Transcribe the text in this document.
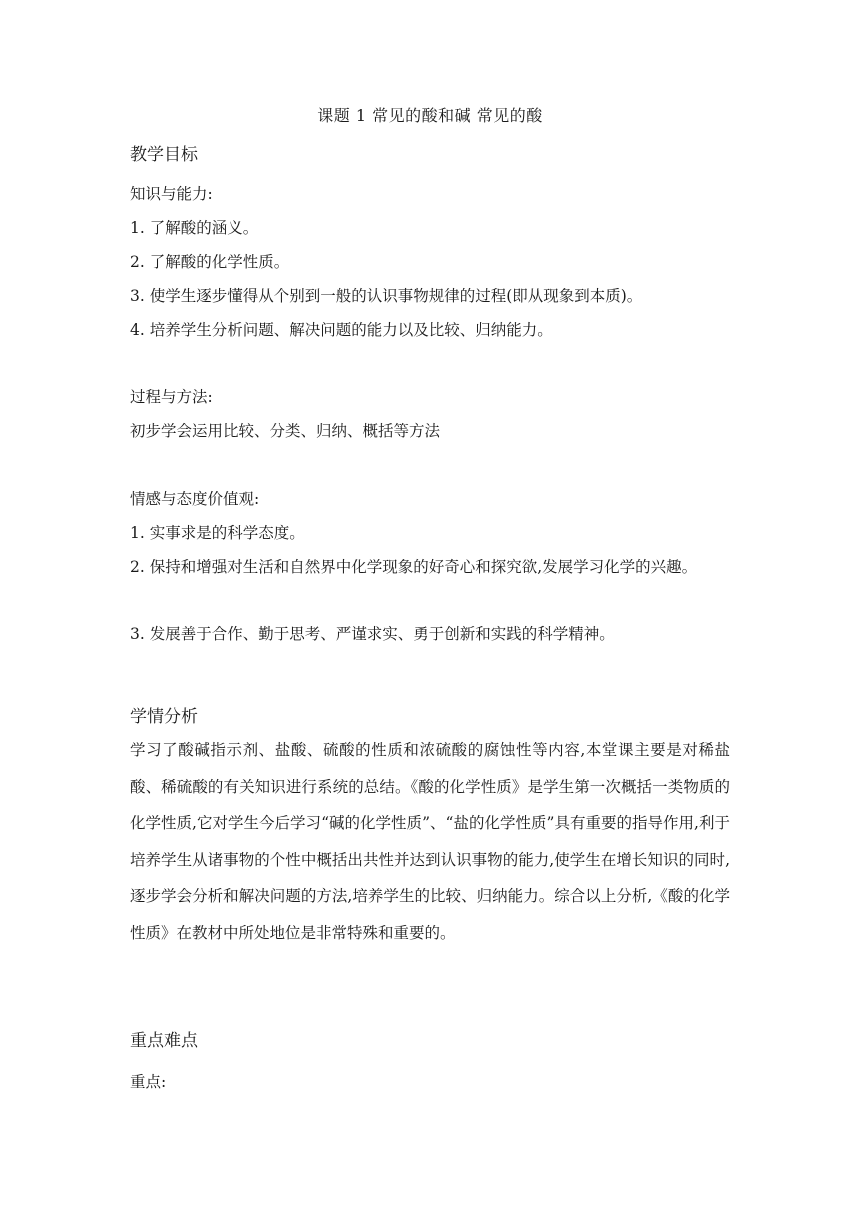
课题 1 常见的酸和碱 常见的酸
教学目标
知识与能力:
1. 了解酸的涵义。
2. 了解酸的化学性质。
3. 使学生逐步懂得从个别到一般的认识事物规律的过程(即从现象到本质)。
4. 培养学生分析问题、解决问题的能力以及比较、归纳能力。
过程与方法:
初步学会运用比较、分类、归纳、概括等方法
情感与态度价值观:
1. 实事求是的科学态度。
2. 保持和增强对生活和自然界中化学现象的好奇心和探究欲,发展学习化学的兴趣。
3. 发展善于合作、勤于思考、严谨求实、勇于创新和实践的科学精神。
学情分析
学习了酸碱指示剂、盐酸、硫酸的性质和浓硫酸的腐蚀性等内容,本堂课主要是对稀盐酸、稀硫酸的有关知识进行系统的总结。《酸的化学性质》是学生第一次概括一类物质的化学性质,它对学生今后学习“碱的化学性质”、“盐的化学性质”具有重要的指导作用,利于培养学生从诸事物的个性中概括出共性并达到认识事物的能力,使学生在增长知识的同时,逐步学会分析和解决问题的方法,培养学生的比较、归纳能力。综合以上分析,《酸的化学性质》在教材中所处地位是非常特殊和重要的。
重点难点
重点:
